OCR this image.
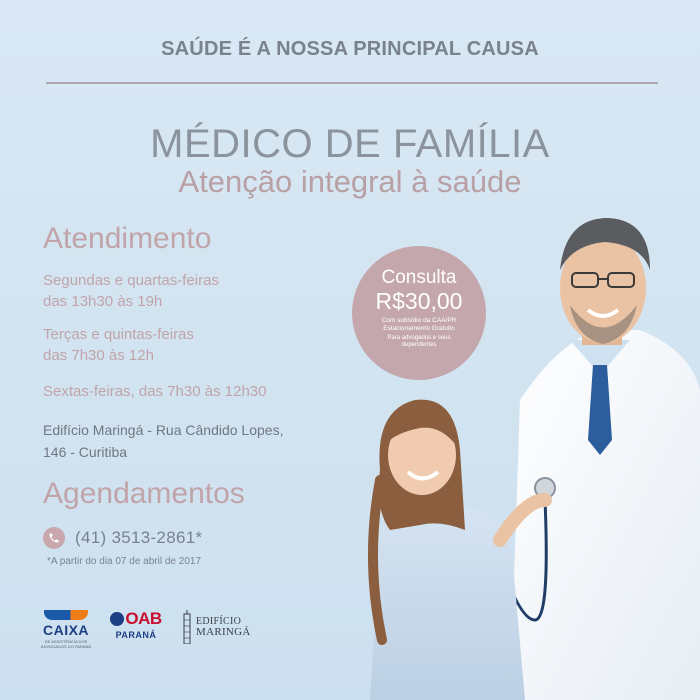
SAÚDE É A NOSSA PRINCIPAL CAUSA
MÉDICO DE FAMÍLIA
Atenção integral à saúde
Atendimento
Segundas e quartas-feiras
das 13h30 às 19h
Terças e quintas-feiras
das 7h30 às 12h
Sextas-feiras, das 7h30 às 12h30
Edifício Maringá - Rua Cândido Lopes,
146 - Curitiba
Agendamentos
(41) 3513-2861*
*A partir do dia 07 de abril de 2017
CAIXA
DE ASSISTÊNCIA DOS ADVOGADOS DO PARANÁ
OAB
PARANÁ
EDIFÍCIO
MARINGÁ
Consulta
R$30,00
Com subsídio da CAA/PR
Estacionamento Gratuito
Para advogados e seus dependentes
